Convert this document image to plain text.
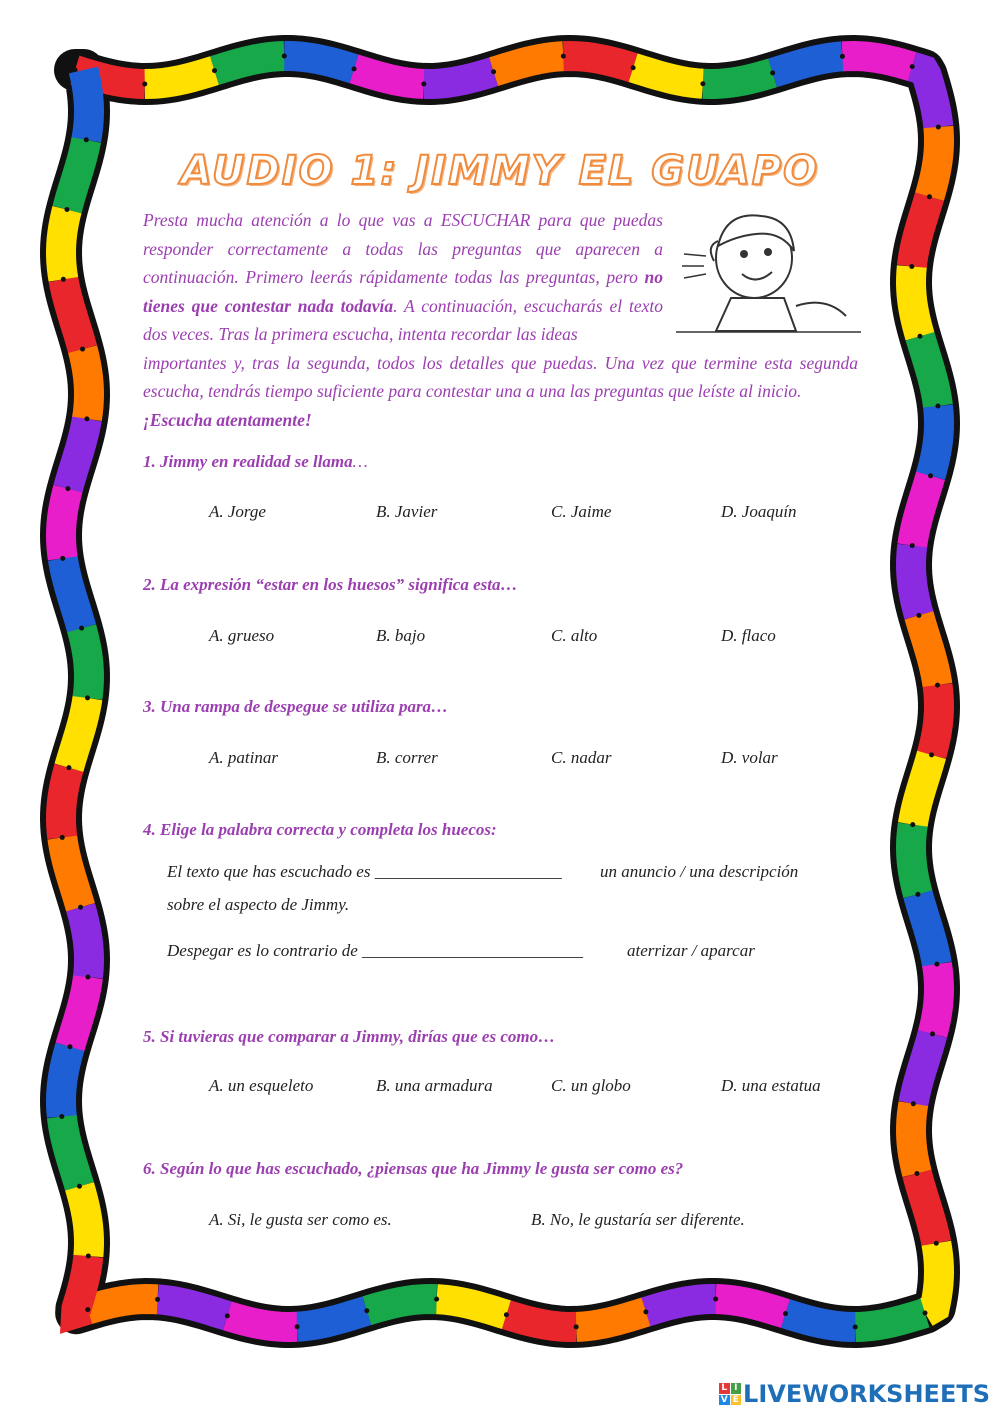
AUDIO 1: JIMMY EL GUAPO
Presta mucha atención a lo que vas a ESCUCHAR para que puedas responder correctamente a todas las preguntas que aparecen a continuación. Primero leerás rápidamente todas las preguntas, pero no tienes que contestar nada todavía. A continuación, escucharás el texto dos veces. Tras la primera escucha, intenta recordar las ideas
importantes y, tras la segunda, todos los detalles que puedas. Una vez que termine esta segunda escucha, tendrás tiempo suficiente para contestar una a una las preguntas que leíste al inicio.
¡Escucha atentamente!
1. Jimmy en realidad se llama…
A. Jorge	B. Javier	C. Jaime	D. Joaquín
2. La expresión “estar en los huesos” significa esta…
A. grueso	B. bajo	C. alto	D. flaco
3. Una rampa de despegue se utiliza para…
A. patinar	B. correr	C. nadar	D. volar
4. Elige la palabra correcta y completa los huecos:
El texto que has escuchado es ______________________ un anuncio / una descripción
sobre el aspecto de Jimmy.
Despegar es lo contrario de __________________________	aterrizar / aparcar
5. Si tuvieras que comparar a Jimmy, dirías que es como…
A. un esqueleto	B. una armadura	C. un globo	D. una estatua
6. Según lo que has escuchado, ¿piensas que ha Jimmy le gusta ser como es?
A. Si, le gusta ser como es.	B. No, le gustaría ser diferente.
L I
V E LIVEWORKSHEETS
